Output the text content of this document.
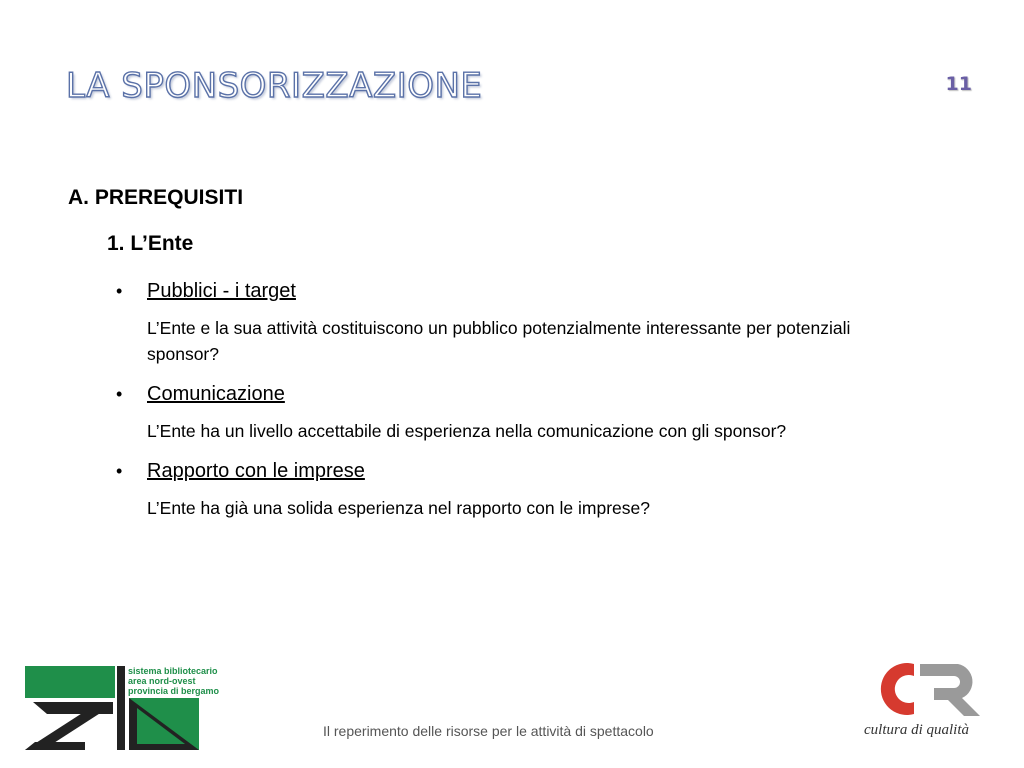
LA SPONSORIZZAZIONE	11
A. PREREQUISITI
1. L’Ente
•	Pubblici - i target
L’Ente e la sua attività costituiscono un pubblico potenzialmente interessante per potenziali sponsor?
•	Comunicazione
L’Ente ha un livello accettabile di esperienza nella comunicazione con gli sponsor?
•	Rapporto con le imprese
L’Ente ha già una solida esperienza nel rapporto con le imprese?
sistema bibliotecario
area nord-ovest
provincia di bergamo
Il reperimento delle risorse per le attività di spettacolo	cultura di qualità
